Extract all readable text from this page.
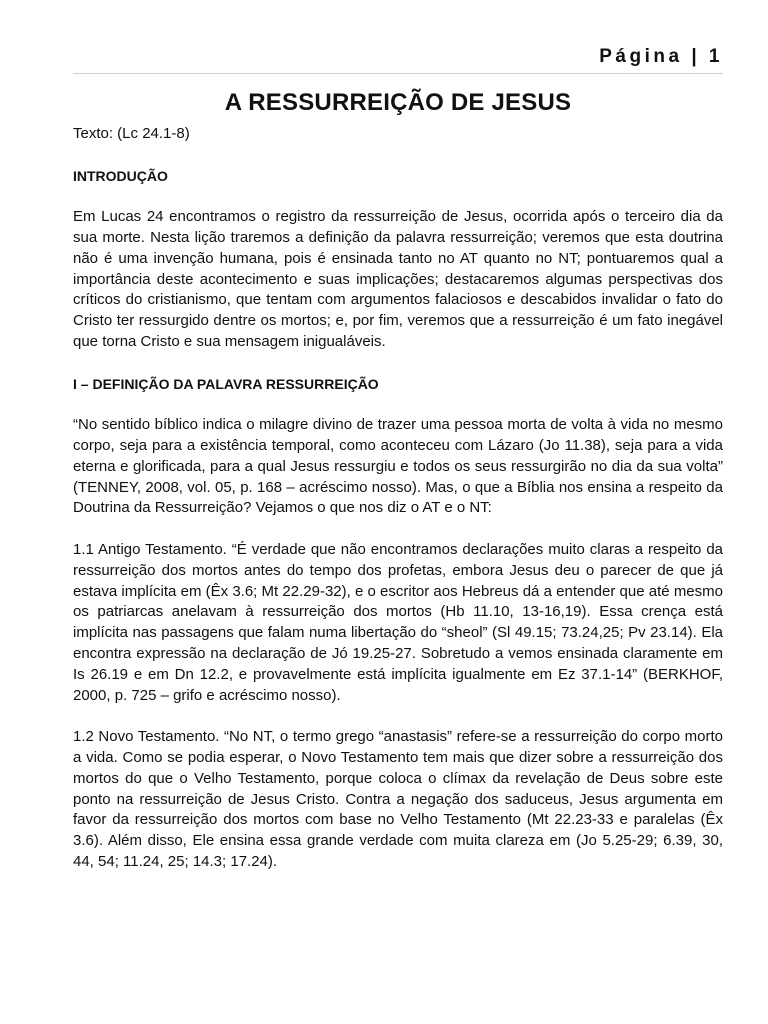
Página | 1
A RESSURREIÇÃO DE JESUS

Texto: (Lc 24.1-8)

INTRODUÇÃO

Em Lucas 24 encontramos o registro da ressurreição de Jesus, ocorrida após o terceiro dia da sua morte. Nesta lição traremos a definição da palavra ressurreição; veremos que esta doutrina não é uma invenção humana, pois é ensinada tanto no AT quanto no NT; pontuaremos qual a importância deste acontecimento e suas implicações; destacaremos algumas perspectivas dos críticos do cristianismo, que tentam com argumentos falaciosos e descabidos invalidar o fato do Cristo ter ressurgido dentre os mortos; e, por fim, veremos que a ressurreição é um fato inegável que torna Cristo e sua mensagem inigualáveis.

I – DEFINIÇÃO DA PALAVRA RESSURREIÇÃO

“No sentido bíblico indica o milagre divino de trazer uma pessoa morta de volta à vida no mesmo corpo, seja para a existência temporal, como aconteceu com Lázaro (Jo 11.38), seja para a vida eterna e glorificada, para a qual Jesus ressurgiu e todos os seus ressurgirão no dia da sua volta” (TENNEY, 2008, vol. 05, p. 168 – acréscimo nosso). Mas, o que a Bíblia nos ensina a respeito da Doutrina da Ressurreição? Vejamos o que nos diz o AT e o NT:

1.1 Antigo Testamento. “É verdade que não encontramos declarações muito claras a respeito da ressurreição dos mortos antes do tempo dos profetas, embora Jesus deu o parecer de que já estava implícita em (Êx 3.6; Mt 22.29-32), e o escritor aos Hebreus dá a entender que até mesmo os patriarcas anelavam à ressurreição dos mortos (Hb 11.10, 13-16,19). Essa crença está implícita nas passagens que falam numa libertação do “sheol” (Sl 49.15; 73.24,25; Pv 23.14). Ela encontra expressão na declaração de Jó 19.25-27. Sobretudo a vemos ensinada claramente em Is 26.19 e em Dn 12.2, e provavelmente está implícita igualmente em Ez 37.1-14” (BERKHOF, 2000, p. 725 – grifo e acréscimo nosso).

1.2 Novo Testamento. “No NT, o termo grego “anastasis” refere-se a ressurreição do corpo morto a vida. Como se podia esperar, o Novo Testamento tem mais que dizer sobre a ressurreição dos mortos do que o Velho Testamento, porque coloca o clímax da revelação de Deus sobre este ponto na ressurreição de Jesus Cristo. Contra a negação dos saduceus, Jesus argumenta em favor da ressurreição dos mortos com base no Velho Testamento (Mt 22.23-33 e paralelas (Êx 3.6). Além disso, Ele ensina essa grande verdade com muita clareza em (Jo 5.25-29; 6.39, 30, 44, 54; 11.24, 25; 14.3; 17.24).
